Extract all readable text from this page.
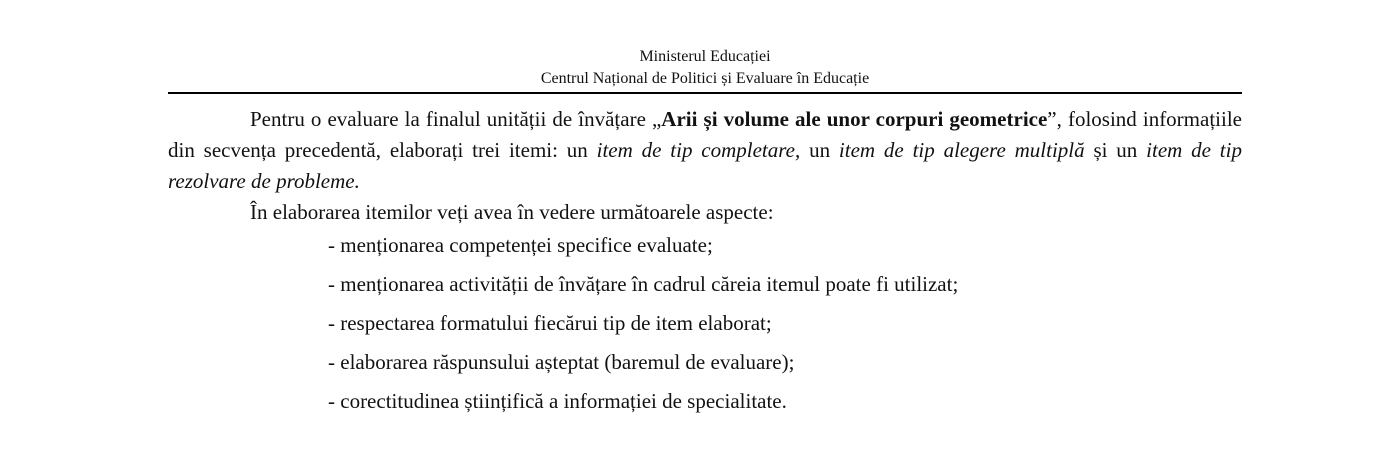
Ministerul Educației
Centrul Național de Politici și Evaluare în Educație

Pentru o evaluare la finalul unității de învățare „Arii și volume ale unor corpuri geometrice”, folosind informațiile din secvența precedentă, elaborați trei itemi: un item de tip completare, un item de tip alegere multiplă și un item de tip rezolvare de probleme.

În elaborarea itemilor veți avea în vedere următoarele aspecte:

- menționarea competenței specifice evaluate;
- menționarea activității de învățare în cadrul căreia itemul poate fi utilizat;
- respectarea formatului fiecărui tip de item elaborat;
- elaborarea răspunsului așteptat (baremul de evaluare);
- corectitudinea științifică a informației de specialitate.
